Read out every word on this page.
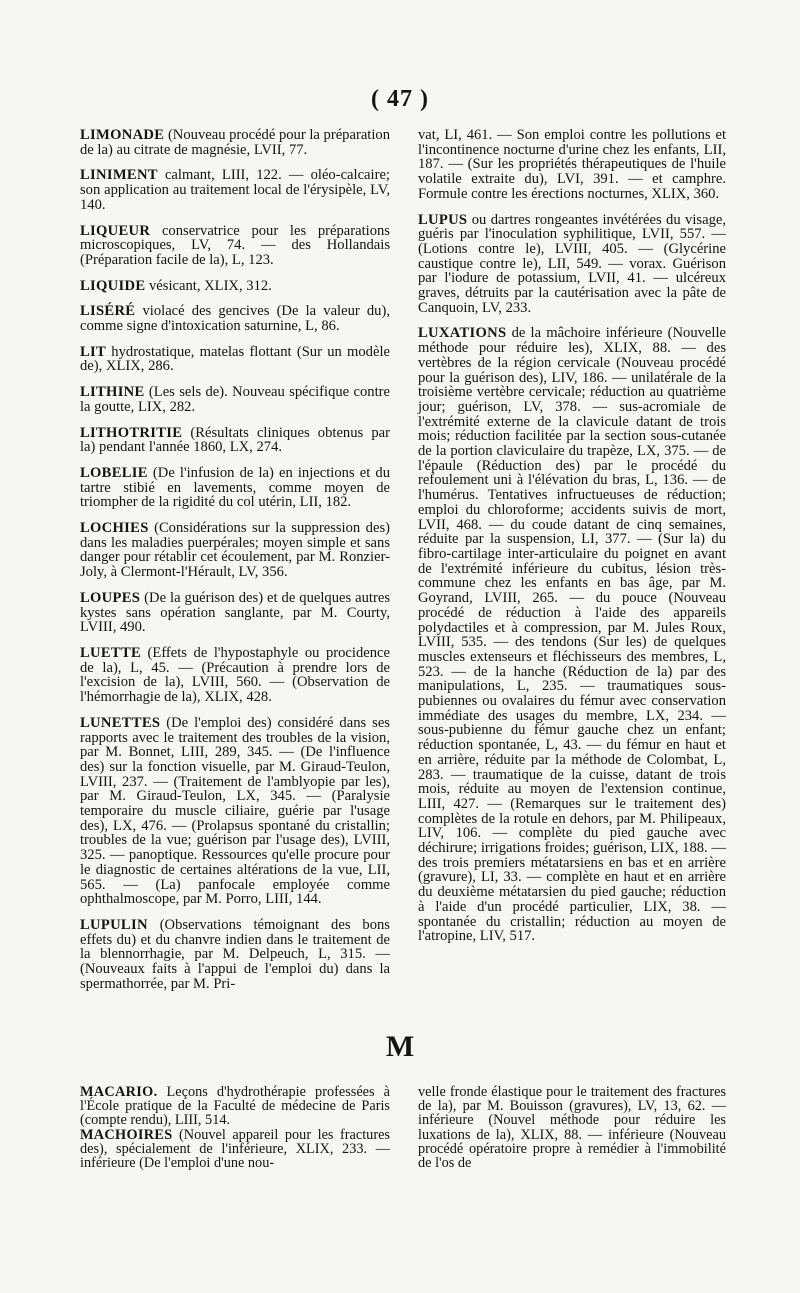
( 47 )

LIMONADE (Nouveau procédé pour la préparation de la) au citrate de magnésie, LVII, 77.

LINIMENT calmant, LIII, 122. — oléo-calcaire; son application au traitement local de l'érysipèle, LV, 140.

LIQUEUR conservatrice pour les préparations microscopiques, LV, 74. — des Hollandais (Préparation facile de la), L, 123.

LIQUIDE vésicant, XLIX, 312.

LISÉRÉ violacé des gencives (De la valeur du), comme signe d'intoxication saturnine, L, 86.

LIT hydrostatique, matelas flottant (Sur un modèle de), XLIX, 286.

LITHINE (Les sels de). Nouveau spécifique contre la goutte, LIX, 282.

LITHOTRITIE (Résultats cliniques obtenus par la) pendant l'année 1860, LX, 274.

LOBELIE (De l'infusion de la) en injections et du tartre stibié en lavements, comme moyen de triompher de la rigidité du col utérin, LII, 182.

LOCHIES (Considérations sur la suppression des) dans les maladies puerpérales; moyen simple et sans danger pour rétablir cet écoulement, par M. Ronzier-Joly, à Clermont-l'Hérault, LV, 356.

LOUPES (De la guérison des) et de quelques autres kystes sans opération sanglante, par M. Courty, LVIII, 490.

LUETTE (Effets de l'hypostaphyle ou procidence de la), L, 45. — (Précaution à prendre lors de l'excision de la), LVIII, 560. — (Observation de l'hémorrhagie de la), XLIX, 428.

LUNETTES (De l'emploi des) considéré dans ses rapports avec le traitement des troubles de la vision, par M. Bonnet, LIII, 289, 345. — (De l'influence des) sur la fonction visuelle, par M. Giraud-Teulon, LVIII, 237. — (Traitement de l'amblyopie par les), par M. Giraud-Teulon, LX, 345. — (Paralysie temporaire du muscle ciliaire, guérie par l'usage des), LX, 476. — (Prolapsus spontané du cristallin; troubles de la vue; guérison par l'usage des), LVIII, 325. — panoptique. Ressources qu'elle procure pour le diagnostic de certaines altérations de la vue, LII, 565. — (La) panfocale employée comme ophthalmoscope, par M. Porro, LIII, 144.

LUPULIN (Observations témoignant des bons effets du) et du chanvre indien dans le traitement de la blennorrhagie, par M. Delpeuch, L, 315. — (Nouveaux faits à l'appui de l'emploi du) dans la spermathorrée, par M. Pri-

vat, LI, 461. — Son emploi contre les pollutions et l'incontinence nocturne d'urine chez les enfants, LII, 187. — (Sur les propriétés thérapeutiques de l'huile volatile extraite du), LVI, 391. — et camphre. Formule contre les érections nocturnes, XLIX, 360.

LUPUS ou dartres rongeantes invétérées du visage, guéris par l'inoculation syphilitique, LVII, 557. — (Lotions contre le), LVIII, 405. — (Glycérine caustique contre le), LII, 549. — vorax. Guérison par l'iodure de potassium, LVII, 41. — ulcéreux graves, détruits par la cautérisation avec la pâte de Canquoin, LV, 233.

LUXATIONS de la mâchoire inférieure (Nouvelle méthode pour réduire les), XLIX, 88. — des vertèbres de la région cervicale (Nouveau procédé pour la guérison des), LIV, 186. — unilatérale de la troisième vertèbre cervicale; réduction au quatrième jour; guérison, LV, 378. — sus-acromiale de l'extrémité externe de la clavicule datant de trois mois; réduction facilitée par la section sous-cutanée de la portion claviculaire du trapèze, LX, 375. — de l'épaule (Réduction des) par le procédé du refoulement uni à l'élévation du bras, L, 136. — de l'humérus. Tentatives infructueuses de réduction; emploi du chloroforme; accidents suivis de mort, LVII, 468. — du coude datant de cinq semaines, réduite par la suspension, LI, 377. — (Sur la) du fibro-cartilage inter-articulaire du poignet en avant de l'extrémité inférieure du cubitus, lésion très-commune chez les enfants en bas âge, par M. Goyrand, LVIII, 265. — du pouce (Nouveau procédé de réduction à l'aide des appareils polydactiles et à compression, par M. Jules Roux, LVIII, 535. — des tendons (Sur les) de quelques muscles extenseurs et fléchisseurs des membres, L, 523. — de la hanche (Réduction de la) par des manipulations, L, 235. — traumatiques sous-pubiennes ou ovalaires du fémur avec conservation immédiate des usages du membre, LX, 234. — sous-pubienne du fémur gauche chez un enfant; réduction spontanée, L, 43. — du fémur en haut et en arrière, réduite par la méthode de Colombat, L, 283. — traumatique de la cuisse, datant de trois mois, réduite au moyen de l'extension continue, LIII, 427. — (Remarques sur le traitement des) complètes de la rotule en dehors, par M. Philipeaux, LIV, 106. — complète du pied gauche avec déchirure; irrigations froides; guérison, LIX, 188. — des trois premiers métatarsiens en bas et en arrière (gravure), LI, 33. — complète en haut et en arrière du deuxième métatarsien du pied gauche; réduction à l'aide d'un procédé particulier, LIX, 38. — spontanée du cristallin; réduction au moyen de l'atropine, LIV, 517.

M

MACARIO. Leçons d'hydrothérapie professées à l'École pratique de la Faculté de médecine de Paris (compte rendu), LIII, 514.

MACHOIRES (Nouvel appareil pour les fractures des), spécialement de l'inférieure, XLIX, 233. — inférieure (De l'emploi d'une nou-

velle fronde élastique pour le traitement des fractures de la), par M. Bouisson (gravures), LV, 13, 62. — inférieure (Nouvel méthode pour réduire les luxations de la), XLIX, 88. — inférieure (Nouveau procédé opératoire propre à remédier à l'immobilité de l'os de
